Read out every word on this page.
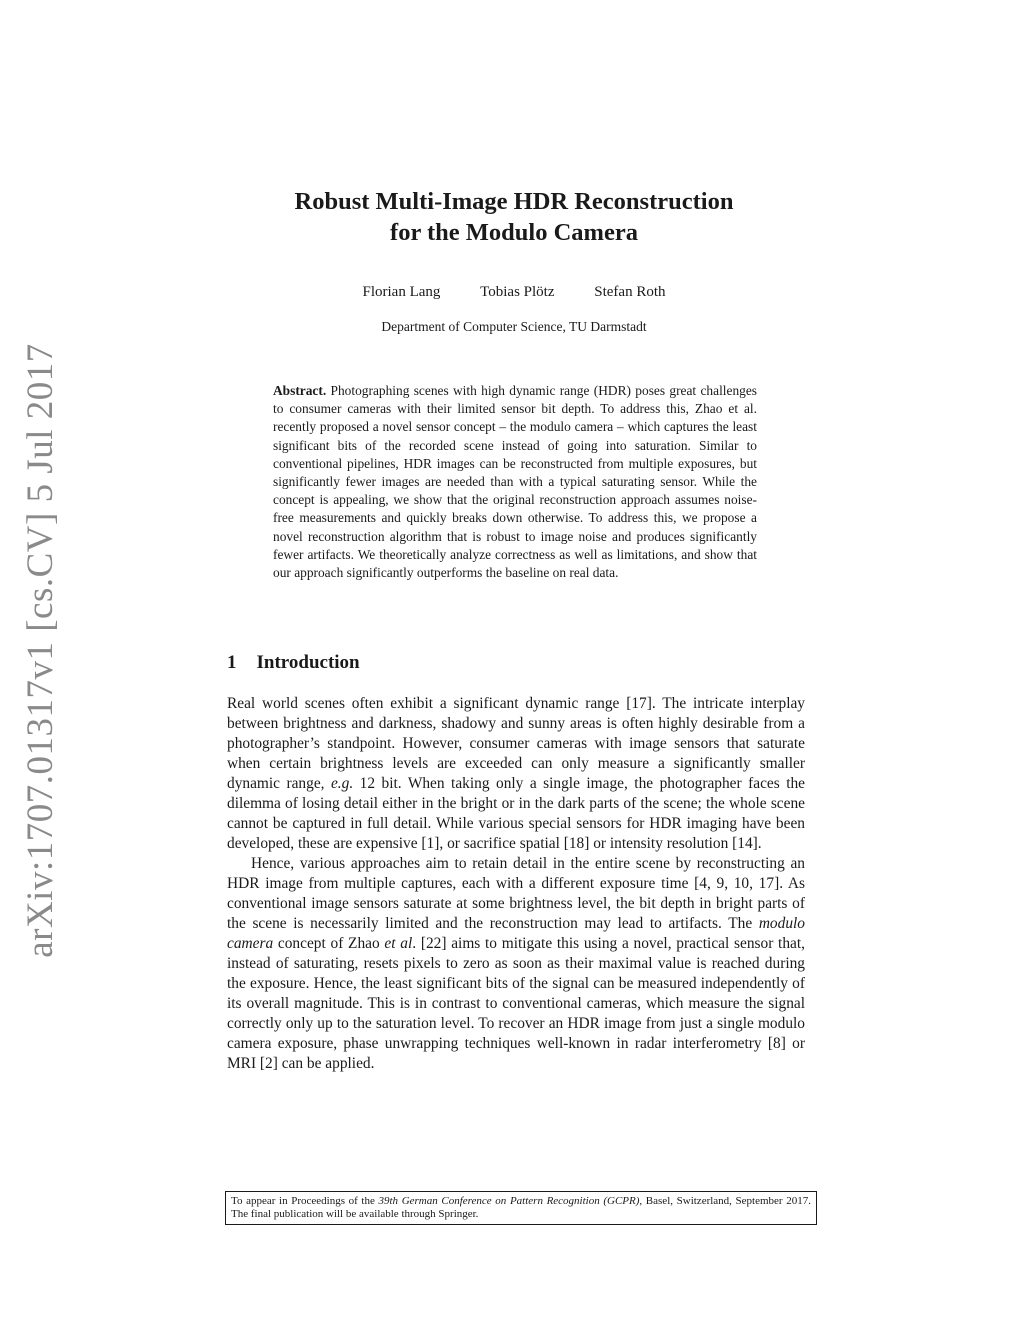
arXiv:1707.01317v1 [cs.CV] 5 Jul 2017
Robust Multi-Image HDR Reconstruction
for the Modulo Camera
Florian Lang	Tobias Plötz	Stefan Roth
Department of Computer Science, TU Darmstadt

Abstract. Photographing scenes with high dynamic range (HDR) poses great challenges to consumer cameras with their limited sensor bit depth. To address this, Zhao et al. recently proposed a novel sensor concept – the modulo camera – which captures the least significant bits of the recorded scene instead of going into saturation. Similar to conventional pipelines, HDR images can be reconstructed from multiple exposures, but significantly fewer images are needed than with a typical saturating sensor. While the concept is appealing, we show that the original reconstruction approach assumes noise-free measurements and quickly breaks down otherwise. To address this, we propose a novel reconstruction algorithm that is robust to image noise and produces significantly fewer artifacts. We theoretically analyze correctness as well as limitations, and show that our approach significantly outperforms the baseline on real data.

1 Introduction

Real world scenes often exhibit a significant dynamic range [17]. The intricate interplay between brightness and darkness, shadowy and sunny areas is often highly desirable from a photographer’s standpoint. However, consumer cameras with image sensors that saturate when certain brightness levels are exceeded can only measure a significantly smaller dynamic range, e.g. 12 bit. When taking only a single image, the photographer faces the dilemma of losing detail either in the bright or in the dark parts of the scene; the whole scene cannot be captured in full detail. While various special sensors for HDR imaging have been developed, these are expensive [1], or sacrifice spatial [18] or intensity resolution [14].

Hence, various approaches aim to retain detail in the entire scene by reconstructing an HDR image from multiple captures, each with a different exposure time [4, 9, 10, 17]. As conventional image sensors saturate at some brightness level, the bit depth in bright parts of the scene is necessarily limited and the reconstruction may lead to artifacts. The modulo camera concept of Zhao et al. [22] aims to mitigate this using a novel, practical sensor that, instead of saturating, resets pixels to zero as soon as their maximal value is reached during the exposure. Hence, the least significant bits of the signal can be measured independently of its overall magnitude. This is in contrast to conventional cameras, which measure the signal correctly only up to the saturation level. To recover an HDR image from just a single modulo camera exposure, phase unwrapping techniques well-known in radar interferometry [8] or MRI [2] can be applied.

To appear in Proceedings of the 39th German Conference on Pattern Recognition (GCPR), Basel, Switzerland, September 2017. The final publication will be available through Springer.
